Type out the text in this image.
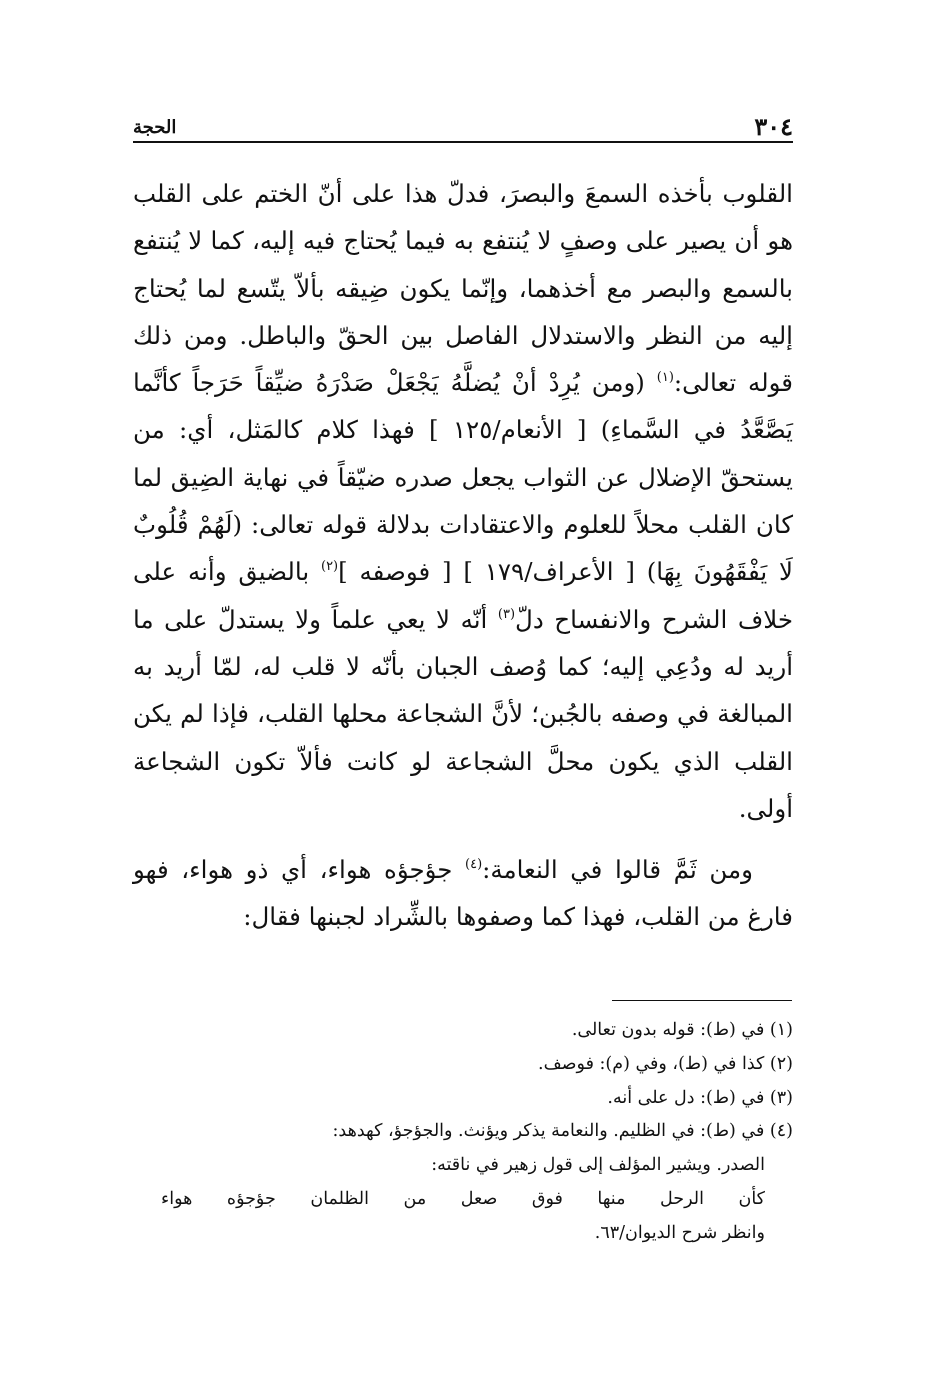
٣٠٤
الحجة

القلوب بأخذه السمعَ والبصرَ، فدلّ هذا على أنّ الختم على القلب هو أن يصير على وصفٍ لا يُنتفع به فيما يُحتاج فيه إليه، كما لا يُنتفع بالسمع والبصر مع أخذهما، وإنّما يكون ضِيقه بألاّ يتّسع لما يُحتاج إليه من النظر والاستدلال الفاصل بين الحقّ والباطل. ومن ذلك قوله تعالى:$^{(١)}$ (ومن يُرِدْ أنْ يُضلَّهُ يَجْعَلْ صَدْرَهُ ضيِّقاً حَرَجاً كأنَّما يَصَّعَّدُ في السَّماءِ) [ الأنعام/١٢٥ ] فهذا كلام كالمَثل، أي: من يستحقّ الإضلال عن الثواب يجعل صدره ضيّقاً في نهاية الضِيق لما كان القلب محلاً للعلوم والاعتقادات بدلالة قوله تعالى: (لَهُمْ قُلُوبٌ لَا يَفْقَهُونَ بِهَا) [ الأعراف/١٧٩ ] [ فوصفه ]$^{(٢)}$ بالضيق وأنه على خلاف الشرح والانفساح دلّ$^{(٣)}$ أنّه لا يعي علماً ولا يستدلّ على ما أريد له ودُعِي إليه؛ كما وُصف الجبان بأنّه لا قلب له، لمّا أريد به المبالغة في وصفه بالجُبن؛ لأنَّ الشجاعة محلها القلب، فإذا لم يكن القلب الذي يكون محلَّ الشجاعة لو كانت فألاّ تكون الشجاعة أولى.

ومن ثَمَّ قالوا في النعامة:$^{(٤)}$ جؤجؤه هواء، أي ذو هواء، فهو فارغ من القلب، فهذا كما وصفوها بالشِّراد لجبنها فقال:

(١) في (ط): قوله بدون تعالى.

(٢) كذا في (ط)، وفي (م): فوصف.

(٣) في (ط): دل على أنه.

(٤) في (ط): في الظليم. والنعامة يذكر ويؤنث. والجؤجؤ، كهدهد:
الصدر. ويشير المؤلف إلى قول زهير في ناقته:
كأن الرحل منها فوق صعل من الظلمان جؤجؤه هواء
وانظر شرح الديوان/٦٣.
